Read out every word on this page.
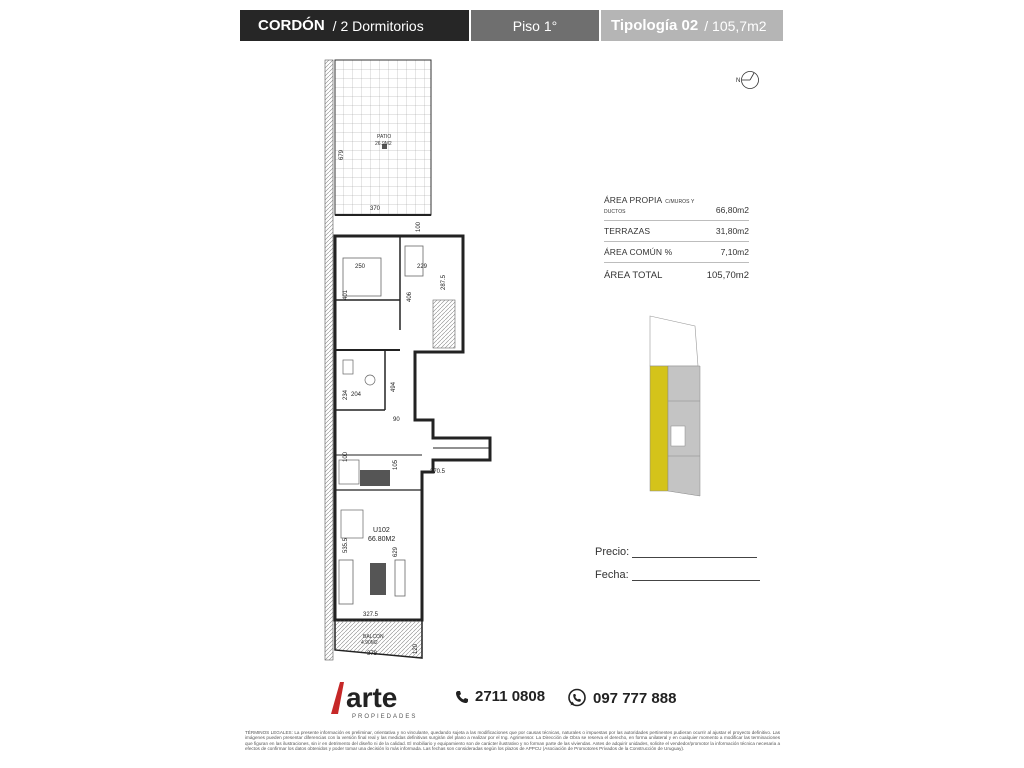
CORDÓN / 2 Dormitorios	Piso 1°	Tipología 02 / 105,7m2
679
370
100
250	229
401	406
287.5
234 204
494
90
100
105
270.5
535.5	629
327.5
378	120
PATIO
26.9M2
U102
66.80M2
BALCON
4.90M2
N
ÁREA PROPIA C/MUROS Y DUCTOS	66,80m2
TERRAZAS	31,80m2
ÁREA COMÚN %	7,10m2
ÁREA TOTAL	105,70m2
Precio:
Fecha:
arte
PROPIEDADES
2711 0808	097 777 888
TÉRMINOS LEGALES: La presente información es preliminar, orientativa y no vinculante, quedando sujeta a las modificaciones que por causas técnicas, naturales o impuestas por las autoridades pertinentes pudieran ocurrir al ajustar el proyecto definitivo. Las imágenes pueden presentar diferencias con la versión final real y las medidas definitivas surgirán del plano a realizar por el Ing. Agrimensor. La Dirección de Obra se reserva el derecho, en forma unilateral y en cualquier momento a modificar las terminaciones que figuran en las ilustraciones, sin ir en detrimento del diseño ni de la calidad. El mobiliario y equipamiento son de carácter ilustrativo y no forman parte de las viviendas. Antes de adquirir unidades, solicite el vendedor/promotor la información técnica necesaria a efectos de confirmar los datos obtenidos y poder tomar una decisión lo más informada. Las fechas son consideradas según los plazos de APPCU (Asociación de Promotores Privados de la Construcción de Uruguay).
